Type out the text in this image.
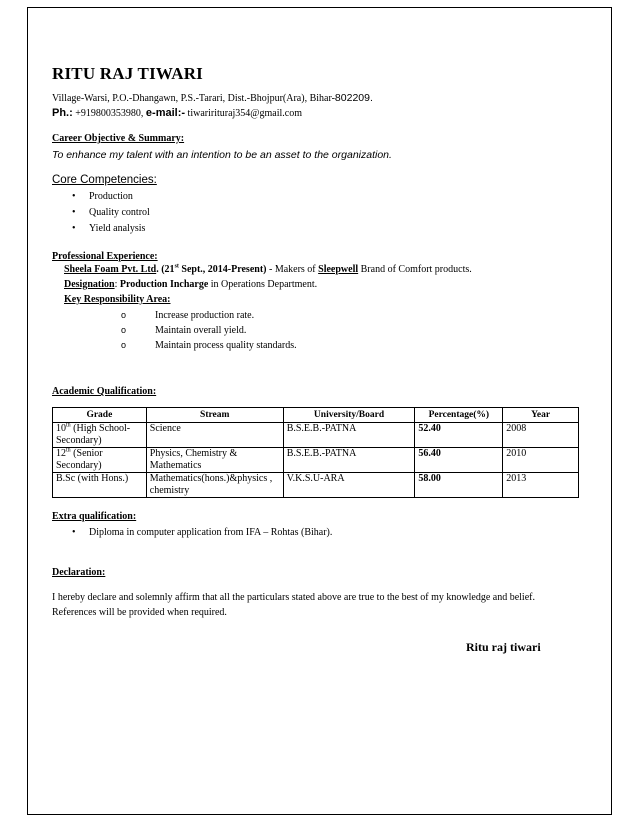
RITU RAJ TIWARI
Village-Warsi, P.O.-Dhangawn, P.S.-Tarari, Dist.-Bhojpur(Ara), Bihar-802209.
Ph.: +919800353980, e-mail:- tiwaririturaj354@gmail.com
Career Objective & Summary:
To enhance my talent with an intention to be an asset to the organization.
Core Competencies:
• Production
• Quality control
• Yield analysis
Professional Experience:
Sheela Foam Pvt. Ltd. (21st Sept., 2014-Present) - Makers of Sleepwell Brand of Comfort products.
Designation: Production Incharge in Operations Department.
Key Responsibility Area:
o	Increase production rate.
o	Maintain overall yield.
o	Maintain process quality standards.
Academic Qualification:
Grade	Stream	University/Board	Percentage(%)	Year
10th (High School-Secondary)	Science	B.S.E.B.-PATNA	52.40	2008
12th (Senior Secondary)	Physics, Chemistry & Mathematics	B.S.E.B.-PATNA	56.40	2010
B.Sc (with Hons.)	Mathematics(hons.)&physics , chemistry	V.K.S.U-ARA	58.00	2013
Extra qualification:
• Diploma in computer application from IFA – Rohtas (Bihar).
Declaration:
I hereby declare and solemnly affirm that all the particulars stated above are true to the best of my knowledge and belief. References will be provided when required.
Ritu raj tiwari
